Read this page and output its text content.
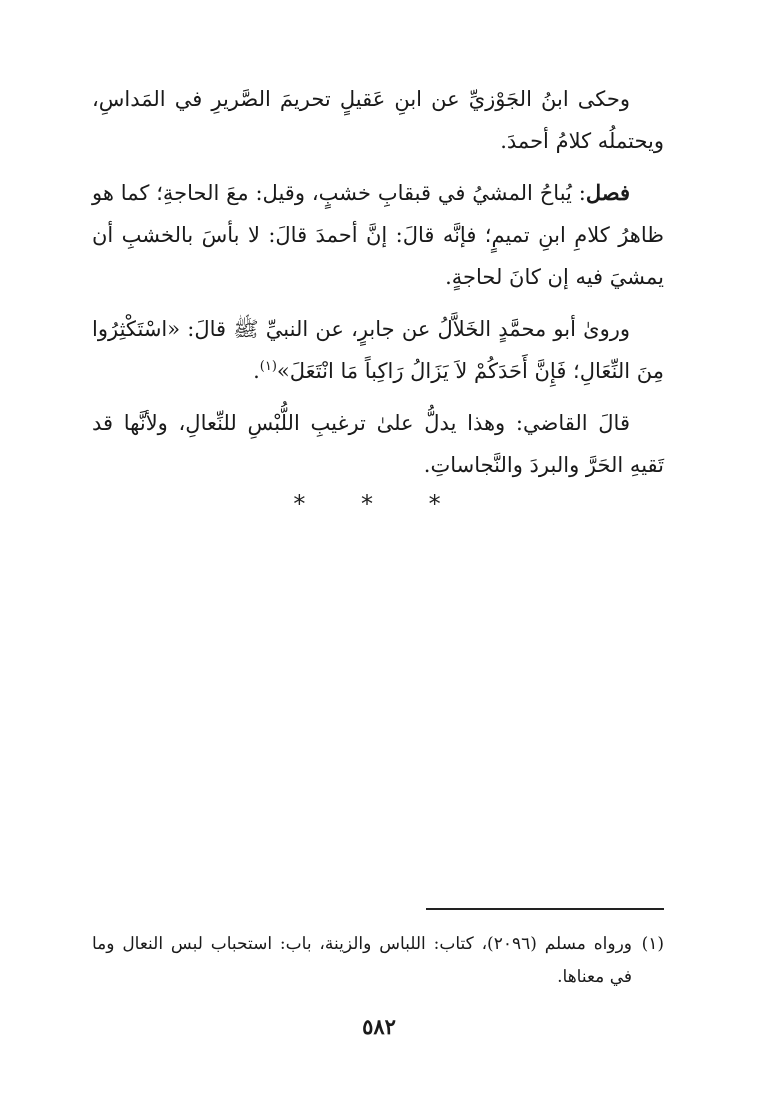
وحكى ابنُ الجَوْزيِّ عن ابنِ عَقيلٍ تحريمَ الصَّريرِ في المَداسِ، ويحتملُه كلامُ أحمدَ.

فصل: يُباحُ المشيُ في قبقابِ خشبٍ، وقيل: معَ الحاجةِ؛ كما هو ظاهرُ كلامِ ابنِ تميمٍ؛ فإنَّه قالَ: إنَّ أحمدَ قالَ: لا بأسَ بالخشبِ أن يمشيَ فيه إن كانَ لحاجةٍ.

وروىٰ أبو محمَّدٍ الخَلاَّلُ عن جابرٍ، عن النبيِّ ﷺ قالَ: «اسْتَكْثِرُوا مِنَ النِّعَالِ؛ فَإِنَّ أَحَدَكُمْ لاَ يَزَالُ رَاكِباً مَا انْتَعَلَ»$^{(١)}$.

قالَ القاضي: وهذا يدلُّ علىٰ ترغيبِ اللُّبْسِ للنِّعالِ، ولأنَّها قد تَقيهِ الحَرَّ والبردَ والنَّجاساتِ.

* * *

(١)ورواه مسلم (٢٠٩٦)، كتاب: اللباس والزينة، باب: استحباب لبس النعال وما في معناها.

٥٨٢
